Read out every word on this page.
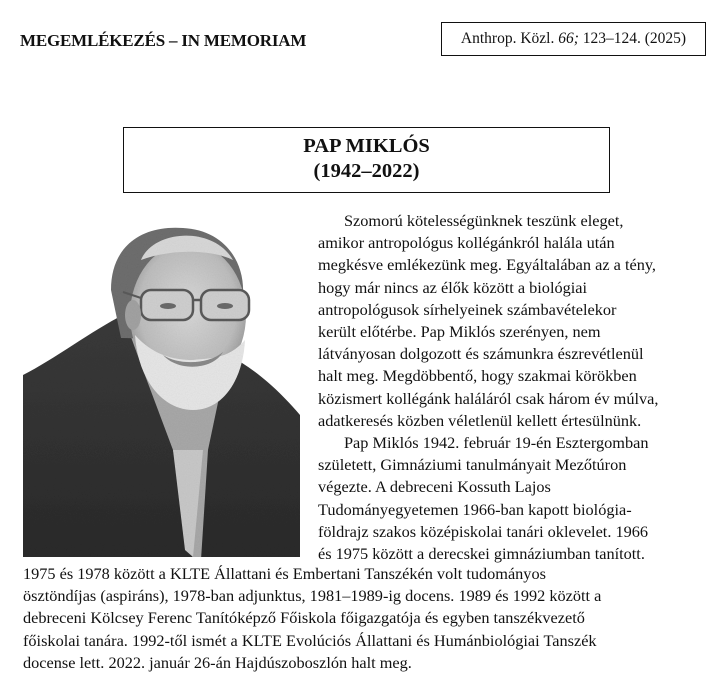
MEGEMLÉKEZÉS – IN MEMORIAM	Anthrop. Közl. 66; 123–124. (2025)
PAP MIKLÓS
(1942–2022)
Szomorú kötelességünknek teszünk eleget,
amikor antropológus kollégánkról halála után
megkésve emlékezünk meg. Egyáltalában az a tény,
hogy már nincs az élők között a biológiai
antropológusok sírhelyeinek számbavételekor
került előtérbe. Pap Miklós szerényen, nem
látványosan dolgozott és számunkra észrevétlenül
halt meg. Megdöbbentő, hogy szakmai körökben
közismert kollégánk haláláról csak három év múlva,
adatkeresés közben véletlenül kellett értesülnünk.
Pap Miklós 1942. február 19-én Esztergomban
született, Gimnáziumi tanulmányait Mezőtúron
végezte. A debreceni Kossuth Lajos
Tudományegyetemen 1966-ban kapott biológia-
földrajz szakos középiskolai tanári oklevelet. 1966
és 1975 között a derecskei gimnáziumban tanított.
1975 és 1978 között a KLTE Állattani és Embertani Tanszékén volt tudományos
ösztöndíjas (aspiráns), 1978-ban adjunktus, 1981–1989-ig docens. 1989 és 1992 között a
debreceni Kölcsey Ferenc Tanítóképző Főiskola főigazgatója és egyben tanszékvezető
főiskolai tanára. 1992-től ismét a KLTE Evolúciós Állattani és Humánbiológiai Tanszék
docense lett. 2022. január 26-án Hajdúszoboszlón halt meg.
